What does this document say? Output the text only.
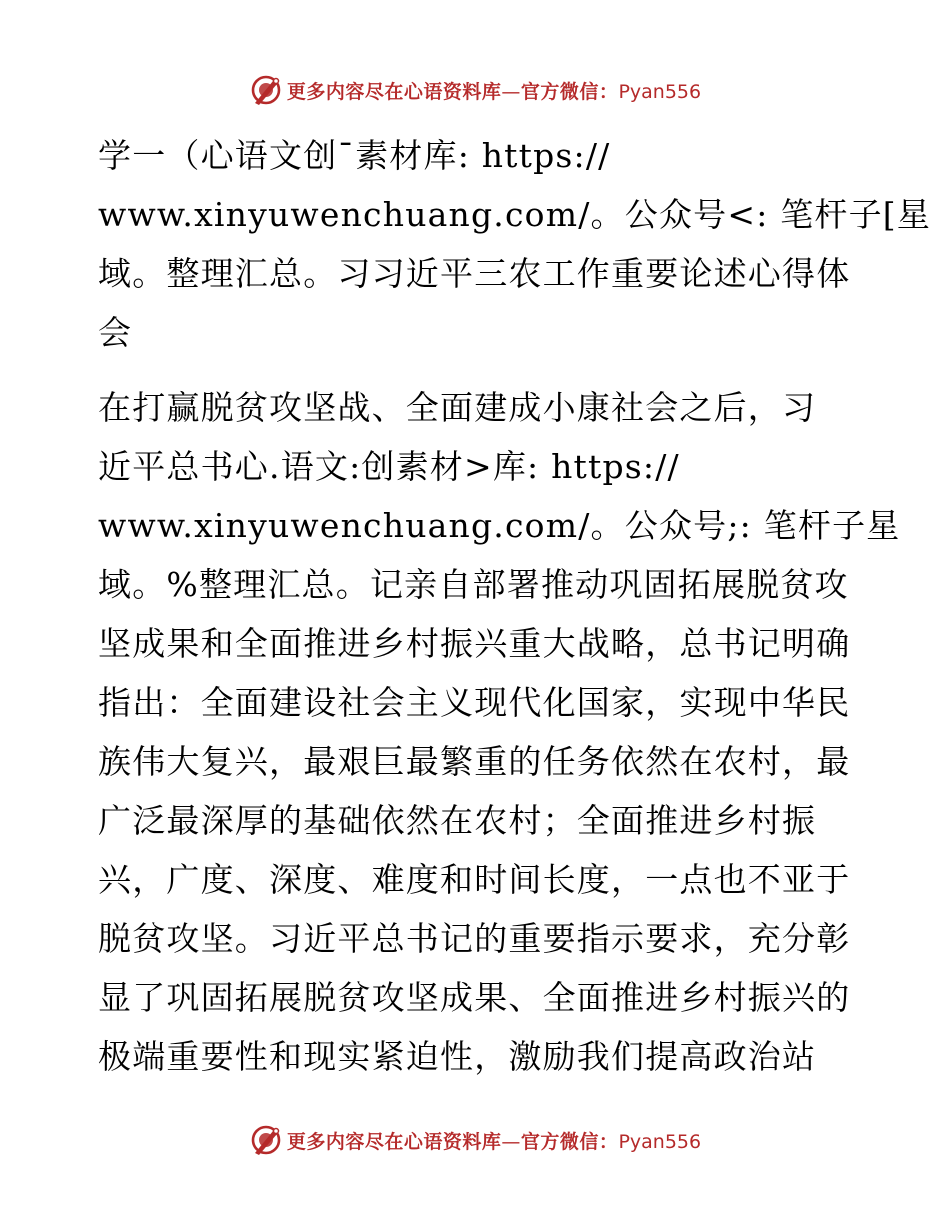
更多内容尽在心语资料库—官方微信：Pyan556
学一（心语文创¯素材库: https://
www.xinyuwenchuang.com/。公众号<: 笔杆子[星
域。整理汇总。习习近平三农工作重要论述心得体
会
在打赢脱贫攻坚战、全面建成小康社会之后，习
近平总书心.语文:创素材>库: https://
www.xinyuwenchuang.com/。公众号;: 笔杆子星
域。%整理汇总。记亲自部署推动巩固拓展脱贫攻
坚成果和全面推进乡村振兴重大战略，总书记明确
指出：全面建设社会主义现代化国家，实现中华民
族伟大复兴，最艰巨最繁重的任务依然在农村，最
广泛最深厚的基础依然在农村；全面推进乡村振
兴，广度、深度、难度和时间长度，一点也不亚于
脱贫攻坚。习近平总书记的重要指示要求，充分彰
显了巩固拓展脱贫攻坚成果、全面推进乡村振兴的
极端重要性和现实紧迫性，激励我们提高政治站
更多内容尽在心语资料库—官方微信：Pyan556
